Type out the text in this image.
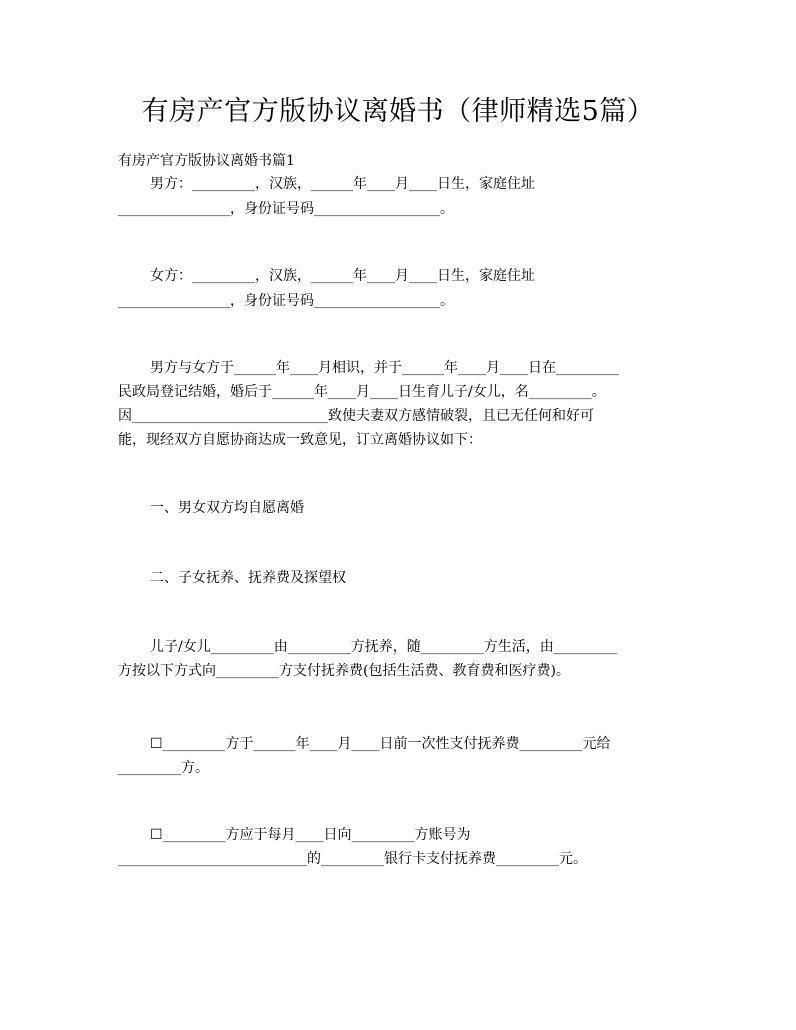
有房产官方版协议离婚书（律师精选5篇）
有房产官方版协议离婚书篇1
男方：_________，汉族，______年____月____日生，家庭住址
________________，身份证号码__________________。
女方：_________，汉族，______年____月____日生，家庭住址
________________，身份证号码__________________。
男方与女方于______年____月相识，并于______年____月____日在_________
民政局登记结婚，婚后于______年____月____日生育儿子/女儿，名_________。
因____________________________致使夫妻双方感情破裂，且已无任何和好可
能，现经双方自愿协商达成一致意见，订立离婚协议如下：
一、男女双方均自愿离婚
二、子女抚养、抚养费及探望权
儿子/女儿_________由_________方抚养，随_________方生活，由_________
方按以下方式向_________方支付抚养费(包括生活费、教育费和医疗费)。
☐_________方于______年____月____日前一次性支付抚养费_________元给
_________方。
☐_________方应于每月____日向_________方账号为
___________________________的_________银行卡支付抚养费_________元。
